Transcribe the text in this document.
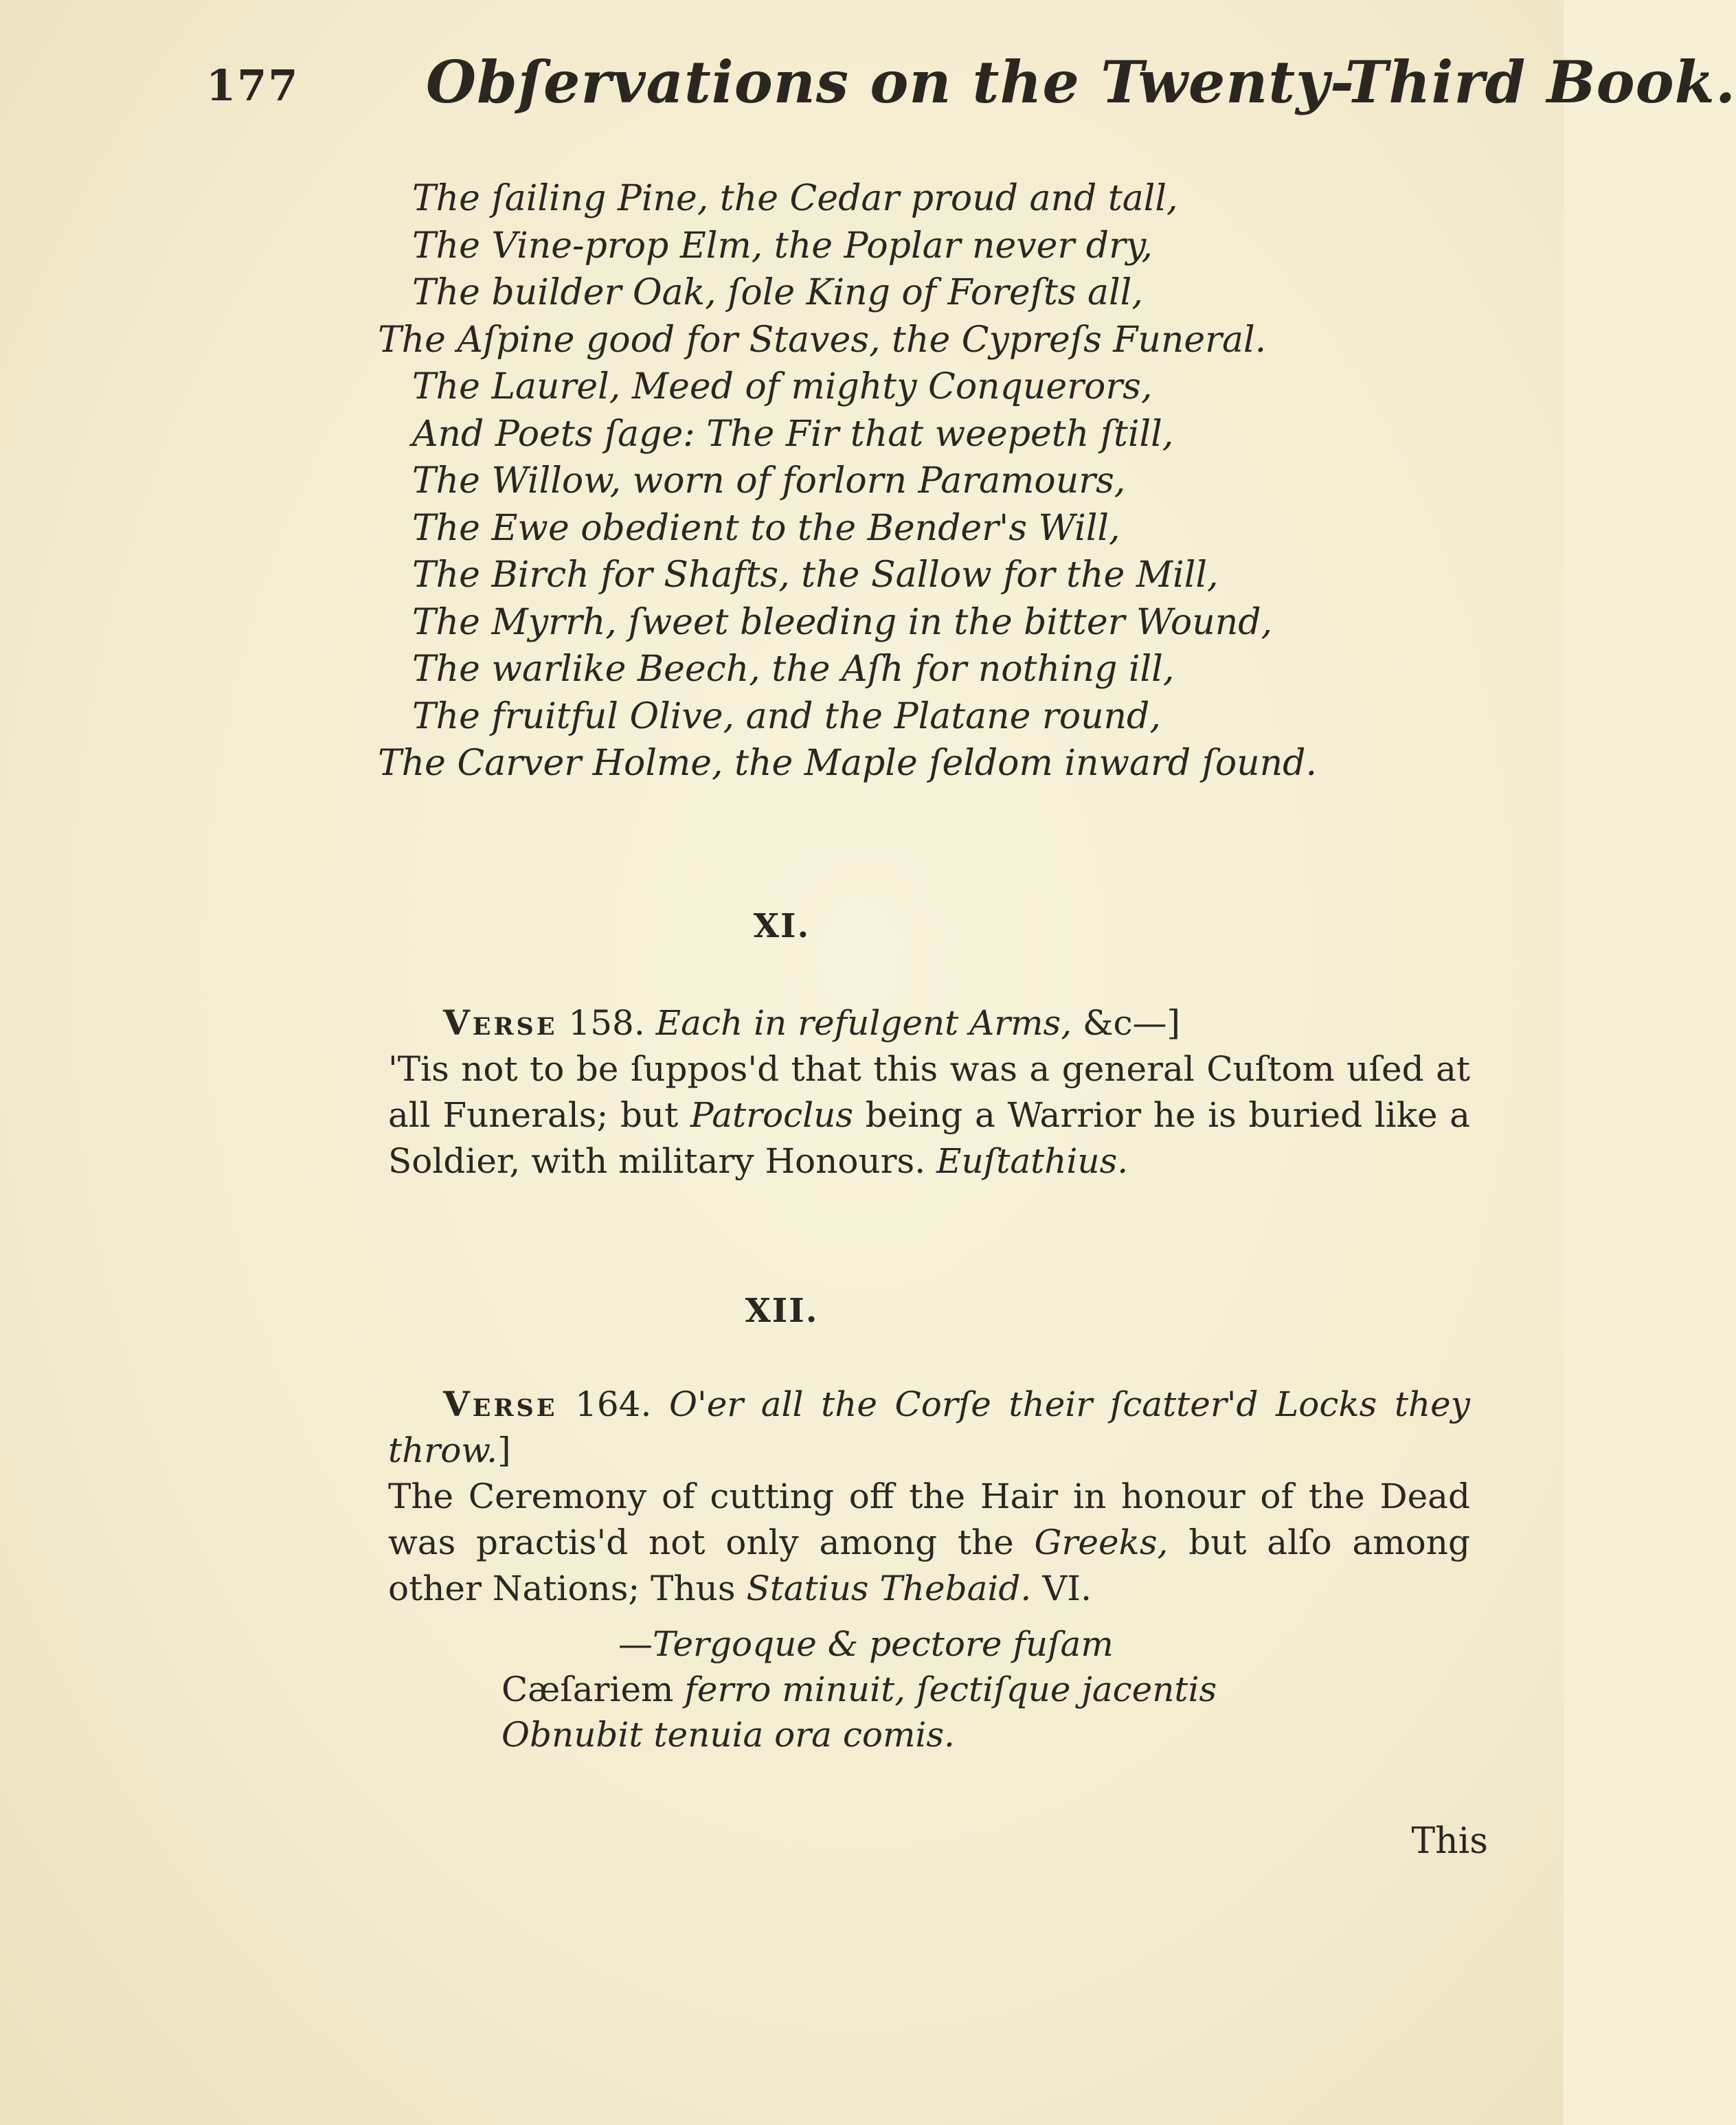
177 Obſervations on the Twenty-Third Book.
The ſailing Pine, the Cedar proud and tall,
The Vine-prop Elm, the Poplar never dry,
The builder Oak, ſole King of Foreſts all,
The Aſpine good for Staves, the Cypreſs Funeral.
The Laurel, Meed of mighty Conquerors,
And Poets ſage: The Fir that weepeth ſtill,
The Willow, worn of forlorn Paramours,
The Ewe obedient to the Bender's Will,
The Birch for Shafts, the Sallow for the Mill,
The Myrrh, ſweet bleeding in the bitter Wound,
The warlike Beech, the Aſh for nothing ill,
The fruitful Olive, and the Platane round,
The Carver Holme, the Maple ſeldom inward ſound.
XI.
Verse 158. Each in refulgent Arms, &c—]
'Tis not to be ſuppos'd that this was a general Cuſtom uſed at all Funerals; but Patroclus being a Warrior he is buried like a Soldier, with military Honours. Euſtathius.
XII.
Verse 164. O'er all the Corſe their ſcatter'd Locks they throw.]
The Ceremony of cutting off the Hair in honour of the Dead was practis'd not only among the Greeks, but alſo among other Nations; Thus Statius Thebaid. VI.
—Tergoque & pectore fuſam
Cæſariem ferro minuit, ſectiſque jacentis
Obnubit tenuia ora comis.
This
